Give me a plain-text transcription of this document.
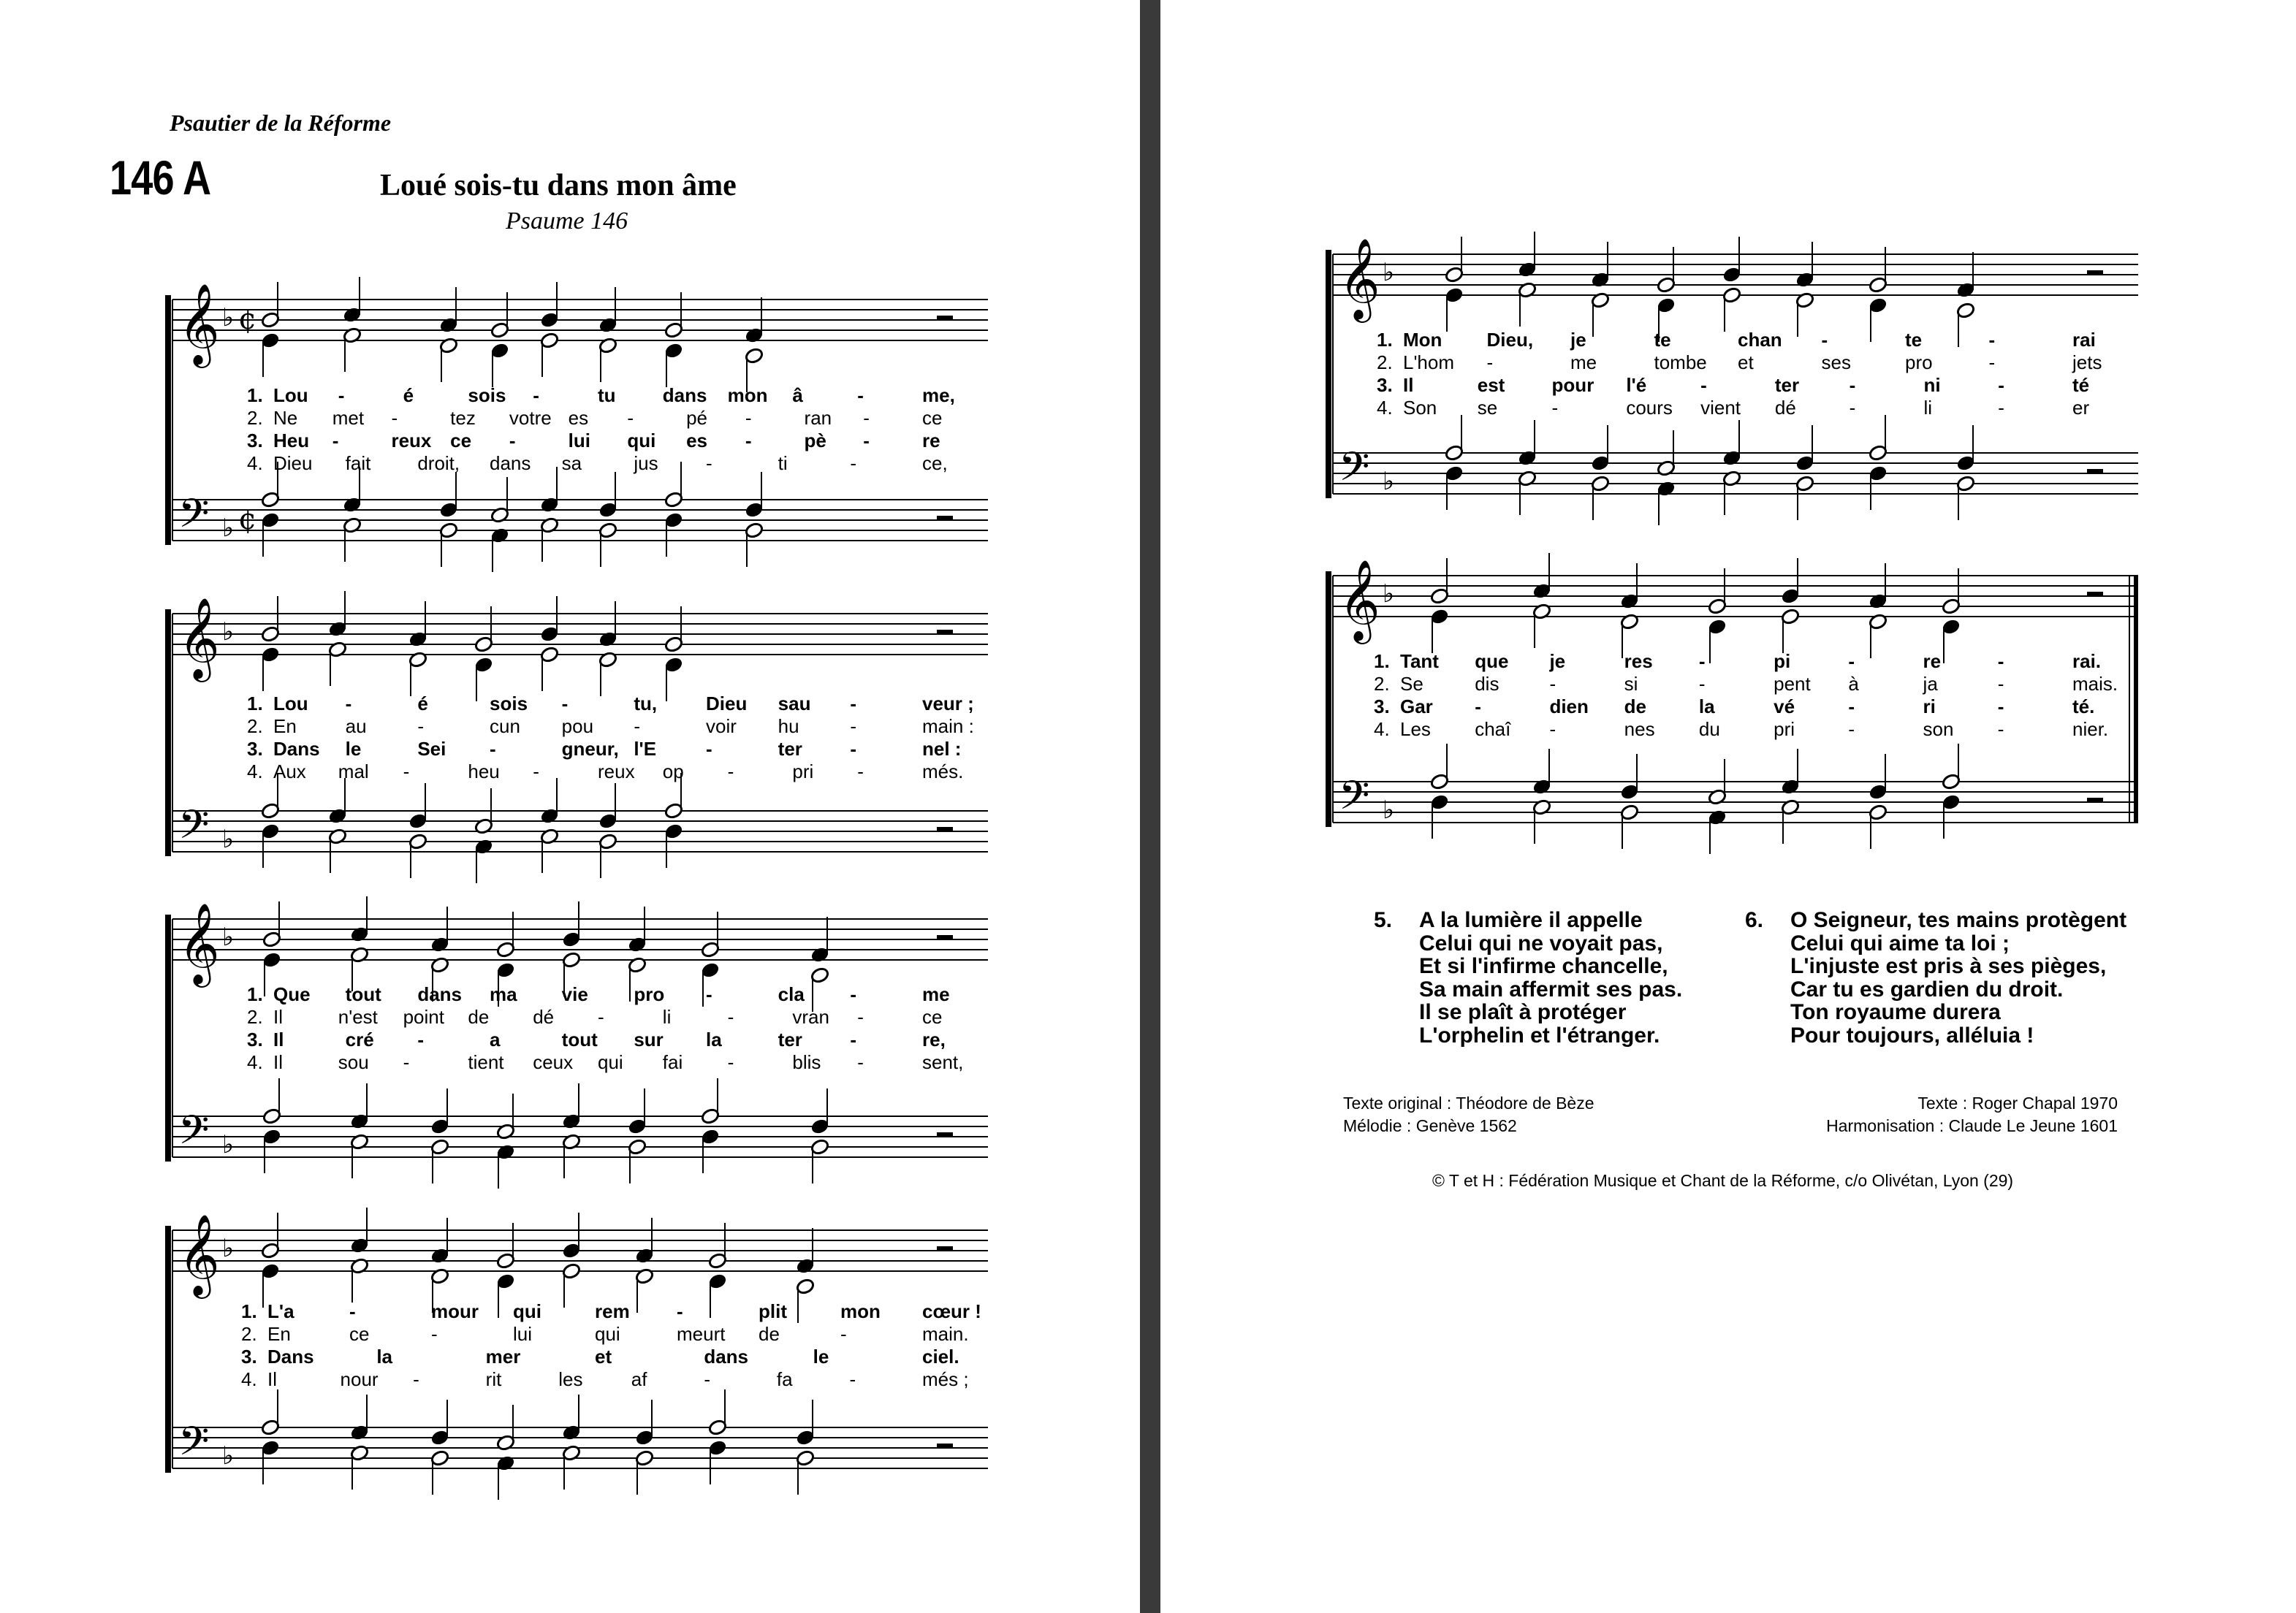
Psautier de la Réforme
146 A	Loué sois-tu dans mon âme
Psaume 146
𝄞
𝄢
♭
♭
¢
¢
1. Lou -	é	sois -	tu dans mon â	-	me,
2. Ne met -	tez votre es -	pé -	ran -	ce
3. Heu -	reux ce -	lui qui es -	pè -	re
4. Dieu fait droit, dans sa	jus	-	ti	-	ce,
𝄞
𝄢
♭
♭
1. Lou -	é	sois -	tu,	Dieu sau -	veur ;
2. En	au	-	cun pou -	voir hu	-	main :
3. Dans le	Sei -	gneur, l'E	-	ter	-	nel :
4. Aux mal -	heu -	reux op -	pri -	més.
𝄞
𝄢
♭
♭
1. Que tout dans ma vie pro -	cla -	me
2. Il	n'est point de dé -	li	-	vran -	ce
3. Il	cré -	a	tout sur la	ter	-	re,
4. Il	sou -	tient ceux qui fai -	blis -	sent,
𝄞
𝄢
♭
♭
1. L'a	-	mour qui	rem -	plit	mon cœur !
2. En	ce	-	lui	qui	meurt de	-	main.
3. Dans	la	mer	et	dans	le	ciel.
4. Il	nour -	rit	les	af	-	fa	-	més ;
𝄞
𝄢
♭
♭
1. Mon Dieu, je	te	chan -	te	-	rai
2. L'hom -	me	tombe et	ses	pro	-	jets
3. Il	est pour l'é	-	ter	-	ni	-	té
4. Son se	-	cours vient dé	-	li	-	er
𝄞
𝄢
♭
♭
1. Tant que je	res -	pi	-	re	-	rai.
2. Se	dis	-	si	-	pent à	ja	-	mais.
3. Gar -	dien de	la	vé	-	ri	-	té.
4. Les chaî -	nes du	pri	-	son -	nier.
5. A la lumière il appelle
Celui qui ne voyait pas,
Et si l'infirme chancelle,
Sa main affermit ses pas.
Il se plaît à protéger
L'orphelin et l'étranger.
6. O Seigneur, tes mains protègent
Celui qui aime ta loi ;
L'injuste est pris à ses pièges,
Car tu es gardien du droit.
Ton royaume durera
Pour toujours, alléluia !
Texte original : Théodore de Bèze
Mélodie : Genève 1562
Texte : Roger Chapal 1970
Harmonisation : Claude Le Jeune 1601
© T et H : Fédération Musique et Chant de la Réforme, c/o Olivétan, Lyon (29)
